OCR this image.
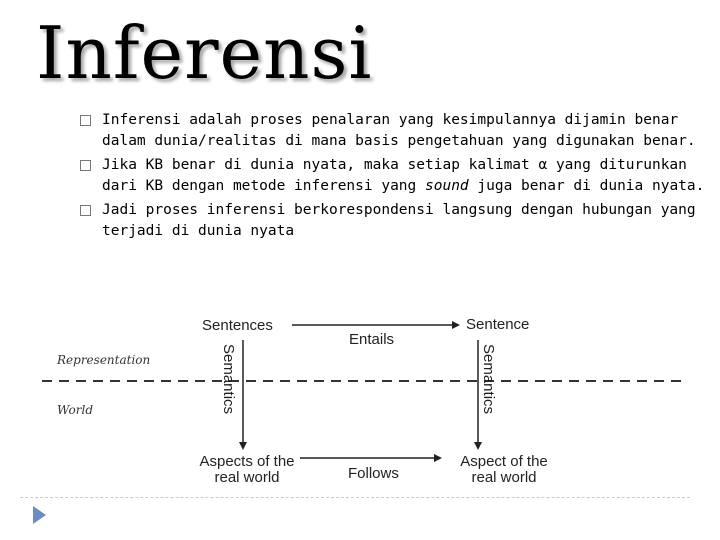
Inferensi
Inferensi adalah proses penalaran yang kesimpulannya dijamin benar
dalam dunia/realitas di mana basis pengetahuan yang digunakan benar.
Jika KB benar di dunia nyata, maka setiap kalimat α yang diturunkan
dari KB dengan metode inferensi yang sound juga benar di dunia nyata.
Jadi proses inferensi berkorespondensi langsung dengan hubungan yang
terjadi di dunia nyata
Sentences	Sentence
Entails
Representation
World	Semantics	Semantics
Aspects of the
real world
Aspect of the
real world
Follows
